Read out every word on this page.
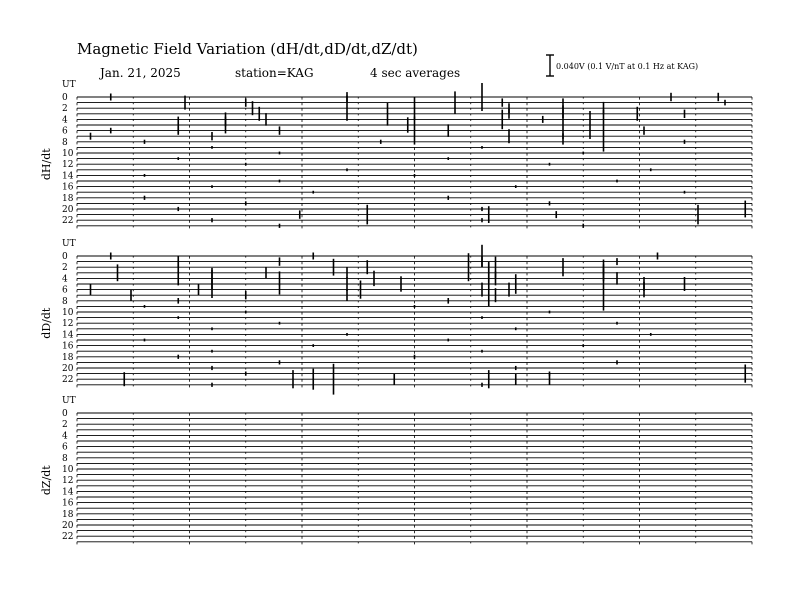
Magnetic Field Variation (dH/dt,dD/dt,dZ/dt)
Jan. 21, 2025	station=KAG	4 sec averages	0.040V (0.1 V/nT at 0.1 Hz at KAG)
UT
dH/dt
0
2
4
6
8
10
12
14
16
18
20
22
UT
dD/dt
0
2
4
6
8
10
12
14
16
18
20
22
UT
dZ/dt
0
2
4
6
8
10
12
14
16
18
20
22
